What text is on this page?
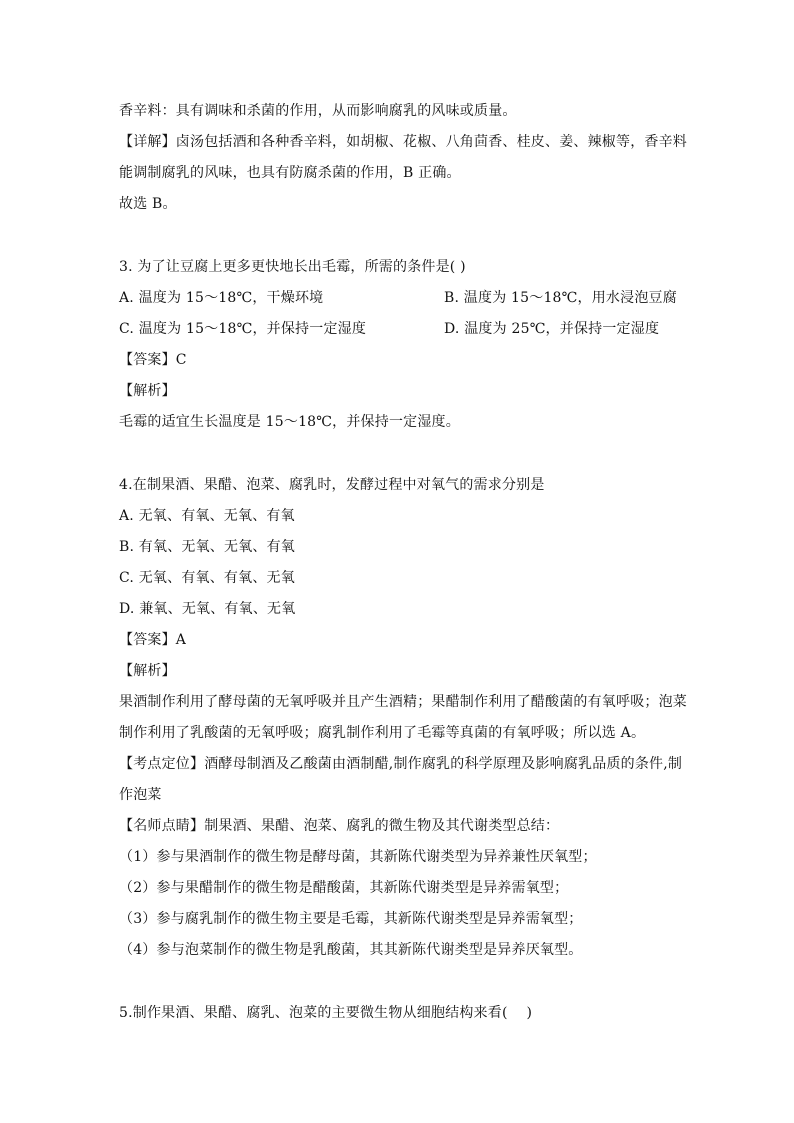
香辛料：具有调味和杀菌的作用，从而影响腐乳的风味或质量。
【详解】卤汤包括酒和各种香辛料，如胡椒、花椒、八角茴香、桂皮、姜、辣椒等，香辛料
能调制腐乳的风味，也具有防腐杀菌的作用，B 正确。
故选 B。
3. 为了让豆腐上更多更快地长出毛霉，所需的条件是( )
A. 温度为 15～18℃，干燥环境	B. 温度为 15～18℃，用水浸泡豆腐
C. 温度为 15～18℃，并保持一定湿度	D. 温度为 25℃，并保持一定湿度
【答案】C
【解析】
毛霉的适宜生长温度是 15～18℃，并保持一定湿度。
4.在制果酒、果醋、泡菜、腐乳时，发酵过程中对氧气的需求分别是
A. 无氧、有氧、无氧、有氧
B. 有氧、无氧、无氧、有氧
C. 无氧、有氧、有氧、无氧
D. 兼氧、无氧、有氧、无氧
【答案】A
【解析】
果酒制作利用了酵母菌的无氧呼吸并且产生酒精；果醋制作利用了醋酸菌的有氧呼吸；泡菜
制作利用了乳酸菌的无氧呼吸；腐乳制作利用了毛霉等真菌的有氧呼吸；所以选 A。
【考点定位】酒酵母制酒及乙酸菌由酒制醋,制作腐乳的科学原理及影响腐乳品质的条件,制
作泡菜
【名师点睛】制果酒、果醋、泡菜、腐乳的微生物及其代谢类型总结：
（1）参与果酒制作的微生物是酵母菌，其新陈代谢类型为异养兼性厌氧型；
（2）参与果醋制作的微生物是醋酸菌，其新陈代谢类型是异养需氧型；
（3）参与腐乳制作的微生物主要是毛霉，其新陈代谢类型是异养需氧型；
（4）参与泡菜制作的微生物是乳酸菌，其其新陈代谢类型是异养厌氧型。
5.制作果酒、果醋、腐乳、泡菜的主要微生物从细胞结构来看(　 )
